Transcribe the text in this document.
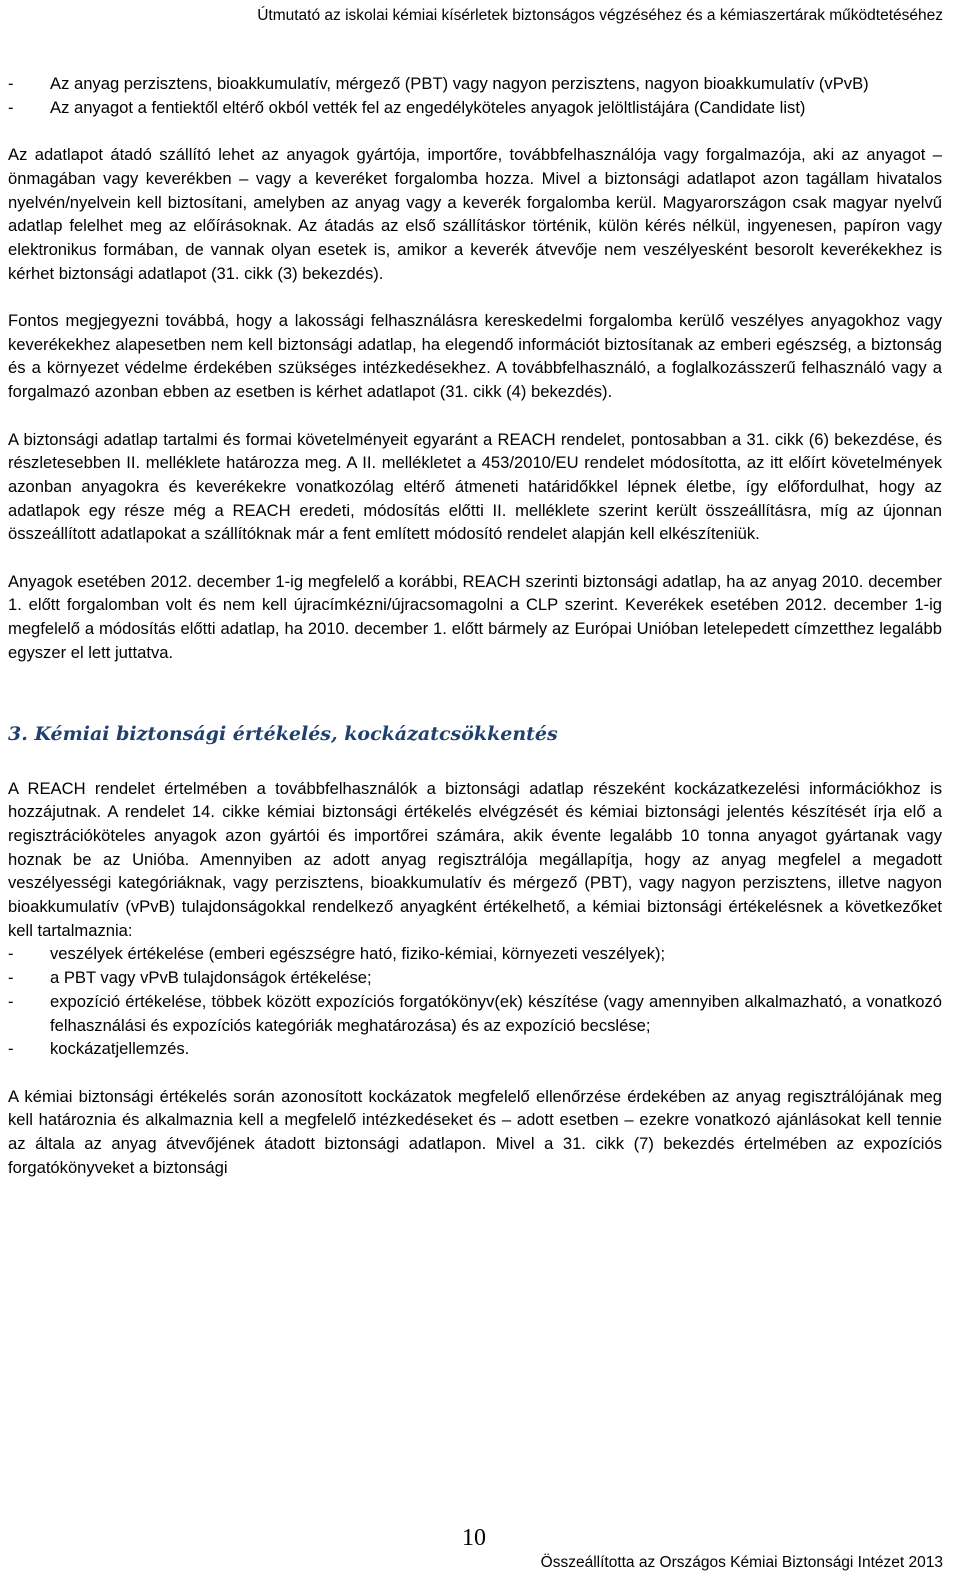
Útmutató az iskolai kémiai kísérletek biztonságos végzéséhez és a kémiaszertárak működtetéséhez
-	Az anyag perzisztens, bioakkumulatív, mérgező (PBT) vagy nagyon perzisztens, nagyon bioakkumulatív (vPvB)
-	Az anyagot a fentiektől eltérő okból vették fel az engedélyköteles anyagok jelöltlistájára (Candidate list)

Az adatlapot átadó szállító lehet az anyagok gyártója, importőre, továbbfelhasználója vagy forgalmazója, aki az anyagot – önmagában vagy keverékben – vagy a keveréket forgalomba hozza. Mivel a biztonsági adatlapot azon tagállam hivatalos nyelvén/nyelvein kell biztosítani, amelyben az anyag vagy a keverék forgalomba kerül. Magyarországon csak magyar nyelvű adatlap felelhet meg az előírásoknak. Az átadás az első szállításkor történik, külön kérés nélkül, ingyenesen, papíron vagy elektronikus formában, de vannak olyan esetek is, amikor a keverék átvevője nem veszélyesként besorolt keverékekhez is kérhet biztonsági adatlapot (31. cikk (3) bekezdés).

Fontos megjegyezni továbbá, hogy a lakossági felhasználásra kereskedelmi forgalomba kerülő veszélyes anyagokhoz vagy keverékekhez alapesetben nem kell biztonsági adatlap, ha elegendő információt biztosítanak az emberi egészség, a biztonság és a környezet védelme érdekében szükséges intézkedésekhez. A továbbfelhasználó, a foglalkozásszerű felhasználó vagy a forgalmazó azonban ebben az esetben is kérhet adatlapot (31. cikk (4) bekezdés).

A biztonsági adatlap tartalmi és formai követelményeit egyaránt a REACH rendelet, pontosabban a 31. cikk (6) bekezdése, és részletesebben II. melléklete határozza meg. A II. mellékletet a 453/2010/EU rendelet módosította, az itt előírt követelmények azonban anyagokra és keverékekre vonatkozólag eltérő átmeneti határidőkkel lépnek életbe, így előfordulhat, hogy az adatlapok egy része még a REACH eredeti, módosítás előtti II. melléklete szerint került összeállításra, míg az újonnan összeállított adatlapokat a szállítóknak már a fent említett módosító rendelet alapján kell elkészíteniük.

Anyagok esetében 2012. december 1-ig megfelelő a korábbi, REACH szerinti biztonsági adatlap, ha az anyag 2010. december 1. előtt forgalomban volt és nem kell újracímkézni/újracsomagolni a CLP szerint. Keverékek esetében 2012. december 1-ig megfelelő a módosítás előtti adatlap, ha 2010. december 1. előtt bármely az Európai Unióban letelepedett címzetthez legalább egyszer el lett juttatva.

3. Kémiai biztonsági értékelés, kockázatcsökkentés

A REACH rendelet értelmében a továbbfelhasználók a biztonsági adatlap részeként kockázatkezelési információkhoz is hozzájutnak. A rendelet 14. cikke kémiai biztonsági értékelés elvégzését és kémiai biztonsági jelentés készítését írja elő a regisztrációköteles anyagok azon gyártói és importőrei számára, akik évente legalább 10 tonna anyagot gyártanak vagy hoznak be az Unióba. Amennyiben az adott anyag regisztrálója megállapítja, hogy az anyag megfelel a megadott veszélyességi kategóriáknak, vagy perzisztens, bioakkumulatív és mérgező (PBT), vagy nagyon perzisztens, illetve nagyon bioakkumulatív (vPvB) tulajdonságokkal rendelkező anyagként értékelhető, a kémiai biztonsági értékelésnek a következőket kell tartalmaznia:

-	veszélyek értékelése (emberi egészségre ható, fiziko-kémiai, környezeti veszélyek);
-	a PBT vagy vPvB tulajdonságok értékelése;
-	expozíció értékelése, többek között expozíciós forgatókönyv(ek) készítése (vagy amennyiben alkalmazható, a vonatkozó felhasználási és expozíciós kategóriák meghatározása) és az expozíció becslése;
-	kockázatjellemzés.

A kémiai biztonsági értékelés során azonosított kockázatok megfelelő ellenőrzése érdekében az anyag regisztrálójának meg kell határoznia és alkalmaznia kell a megfelelő intézkedéseket és – adott esetben – ezekre vonatkozó ajánlásokat kell tennie az általa az anyag átvevőjének átadott biztonsági adatlapon. Mivel a 31. cikk (7) bekezdés értelmében az expozíciós forgatókönyveket a biztonsági

10
Összeállította az Országos Kémiai Biztonsági Intézet 2013
